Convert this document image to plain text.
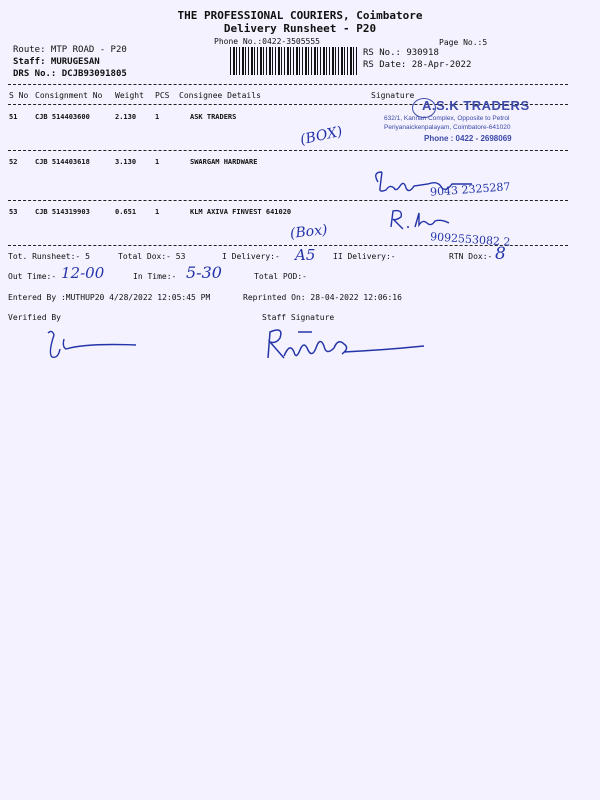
THE PROFESSIONAL COURIERS, Coimbatore
Delivery Runsheet - P20
Phone No.:0422-3505555	Page No.:5
Route: MTP ROAD - P20
Staff: MURUGESAN
DRS No.: DCJB93091805
RS No.: 930918
RS Date: 28-Apr-2022
S No Consignment No Weight PCS Consignee Details	Signature
51	CJB 514403600	2.130	1	ASK TRADERS
52	CJB 514403618	3.130	1	SWARGAM HARDWARE
53	CJB 514319903	0.651	1	KLM AXIVA FINVEST 641020
A.S.K TRADERS
632/1, Kannan Complex, Opposite to Petrol
Periyanaickenpalayam, Coimbatore-641020
Phone : 0422 - 2698069
(BOX)
(Box)
9043 2325287
9092553082 2
Tot. Runsheet:- 5	Total Dox:- 53	I Delivery:- A5 II Delivery:-	RTN Dox:- 8
Out Time:- 12-00	In Time:- 5-30	Total POD:-
Entered By :MUTHUP20 4/28/2022 12:05:45 PM	Reprinted On: 28-04-2022 12:06:16
Verified By	Staff Signature
